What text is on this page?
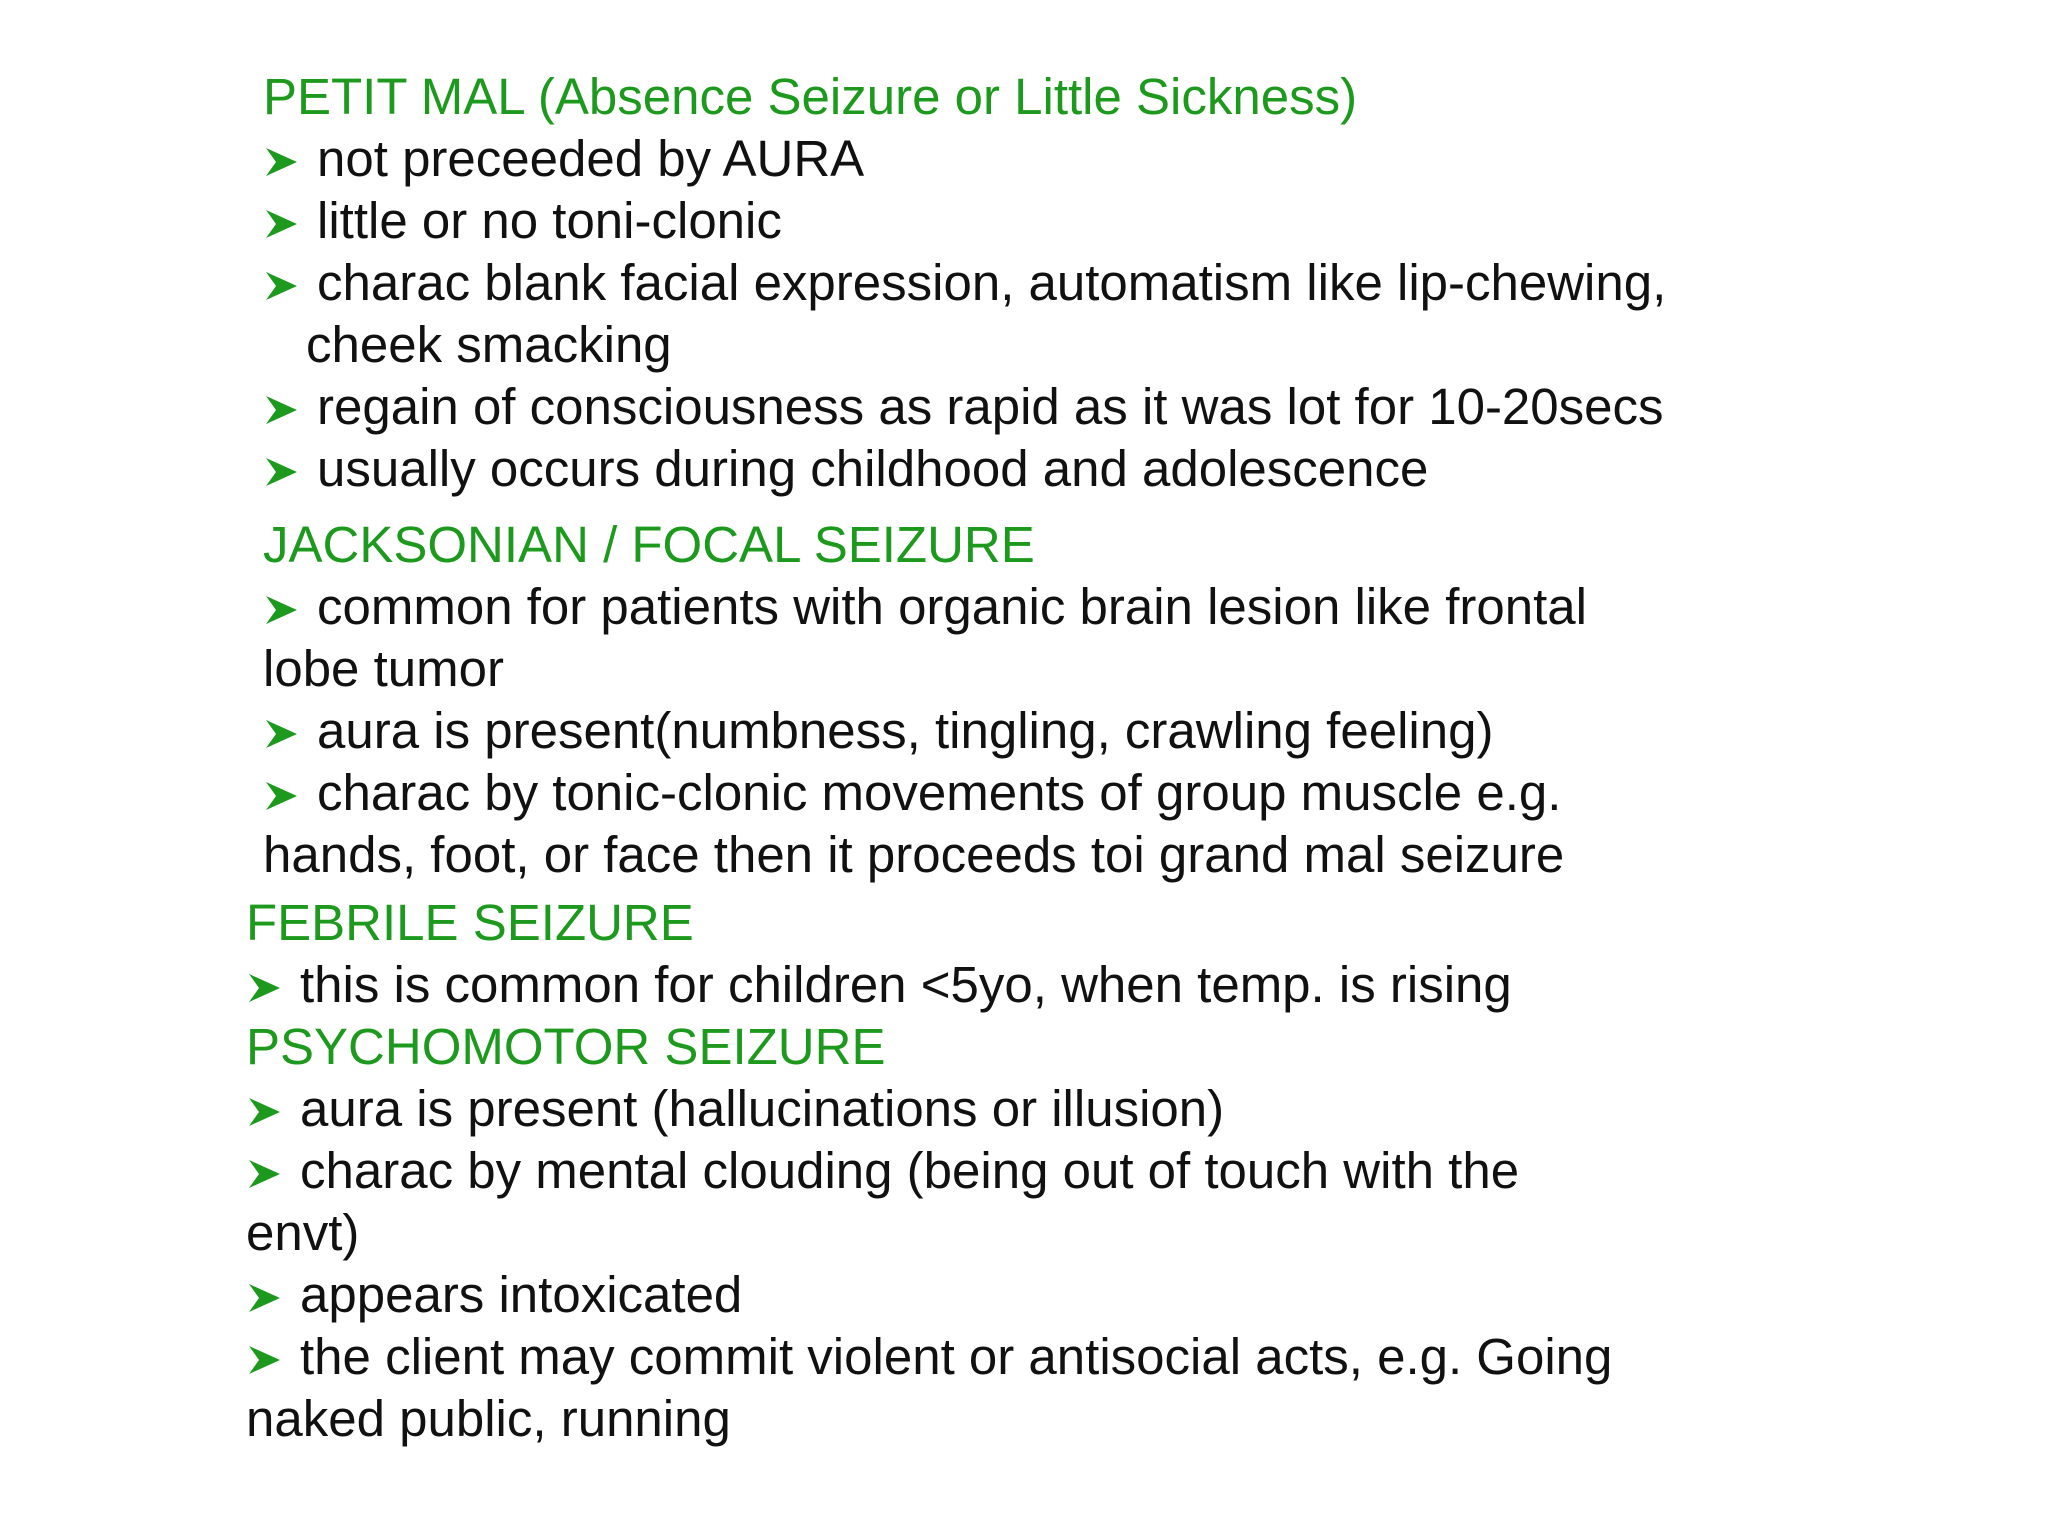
PETIT MAL (Absence Seizure or Little Sickness)
not preceeded by AURA
little or no toni-clonic
charac blank facial expression, automatism like lip-chewing,
cheek smacking
regain of consciousness as rapid as it was lot for 10-20secs
usually occurs during childhood and adolescence
JACKSONIAN / FOCAL SEIZURE
common for patients with organic brain lesion like frontal
lobe tumor
aura is present(numbness, tingling, crawling feeling)
charac by tonic-clonic movements of group muscle e.g.
hands, foot, or face then it proceeds toi grand mal seizure
FEBRILE SEIZURE
this is common for children <5yo, when temp. is rising
PSYCHOMOTOR SEIZURE
aura is present (hallucinations or illusion)
charac by mental clouding (being out of touch with the
envt)
appears intoxicated
the client may commit violent or antisocial acts, e.g. Going
naked public, running
